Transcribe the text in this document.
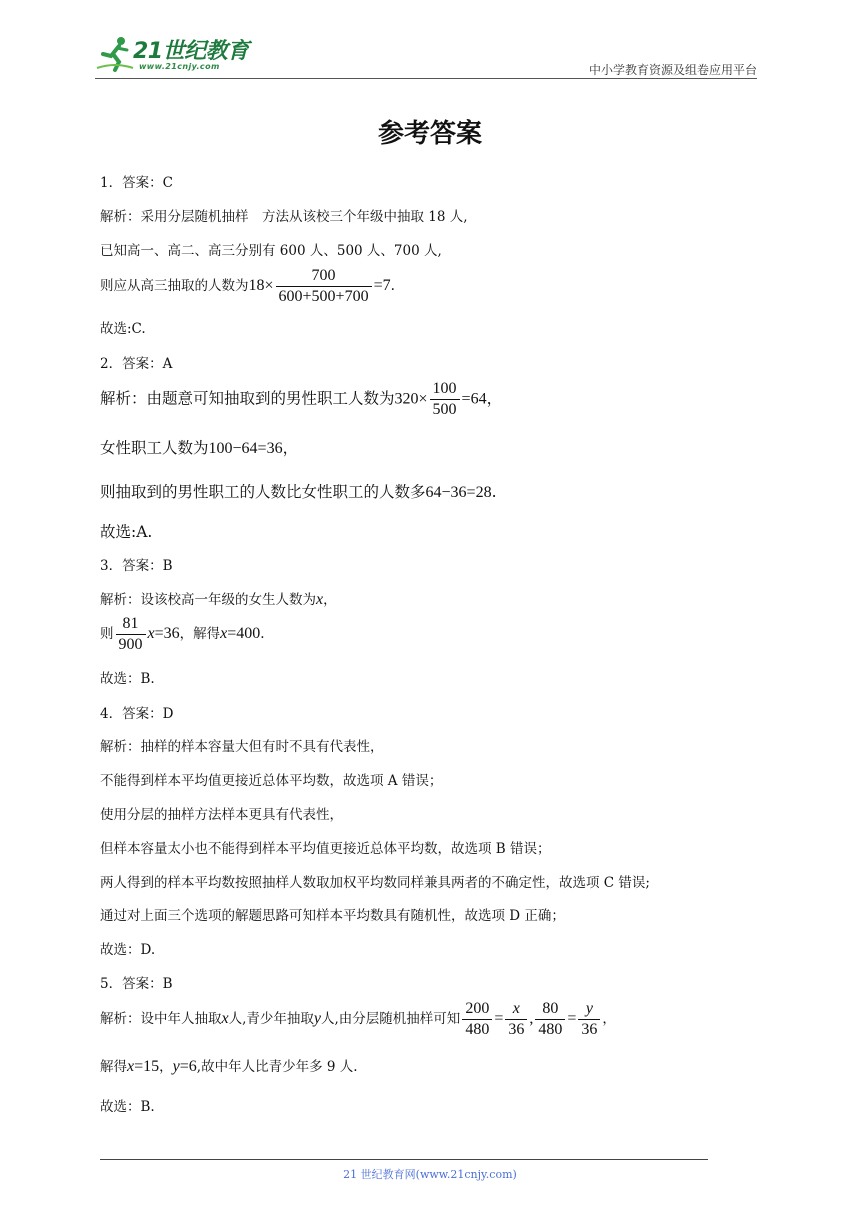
21世纪教育
www.21cnjy.com	中小学教育资源及组卷应用平台
参考答案
1．答案：C
解析：采用分层随机抽样　方法从该校三个年级中抽取 18 人,
已知高一、高二、高三分别有 600 人、500 人、700 人,
则应从高三抽取的人数为$18\times \frac{700}{600+500+700} =7$.
故选:C.
2．答案：A
解析：由题意可知抽取到的男性职工人数为$320\times \frac{100}{500} =64$，
女性职工人数为100−64=36，
则抽取到的男性职工的人数比女性职工的人数多64−36=28.
故选:A.
3．答案：B
解析：设该校高一年级的女生人数为x，
则 $\frac{81}{900} x=36$，解得x=400.
故选：B.
4．答案：D
解析：抽样的样本容量大但有时不具有代表性，
不能得到样本平均值更接近总体平均数，故选项 A 错误；
使用分层的抽样方法样本更具有代表性，
但样本容量太小也不能得到样本平均值更接近总体平均数，故选项 B 错误；
两人得到的样本平均数按照抽样人数取加权平均数同样兼具两者的不确定性，故选项 C 错误;
通过对上面三个选项的解题思路可知样本平均数具有随机性，故选项 D 正确；
故选：D.
5．答案：B
解析：设中年人抽取x人,青少年抽取y人,由分层随机抽样可知 $\frac{200}{480} = \frac{x}{36}$ , $\frac{80}{480} = \frac{y}{36}$ ，
解得x=15，y=6,故中年人比青少年多 9 人.
故选：B.
21 世纪教育网(www.21cnjy.com)
